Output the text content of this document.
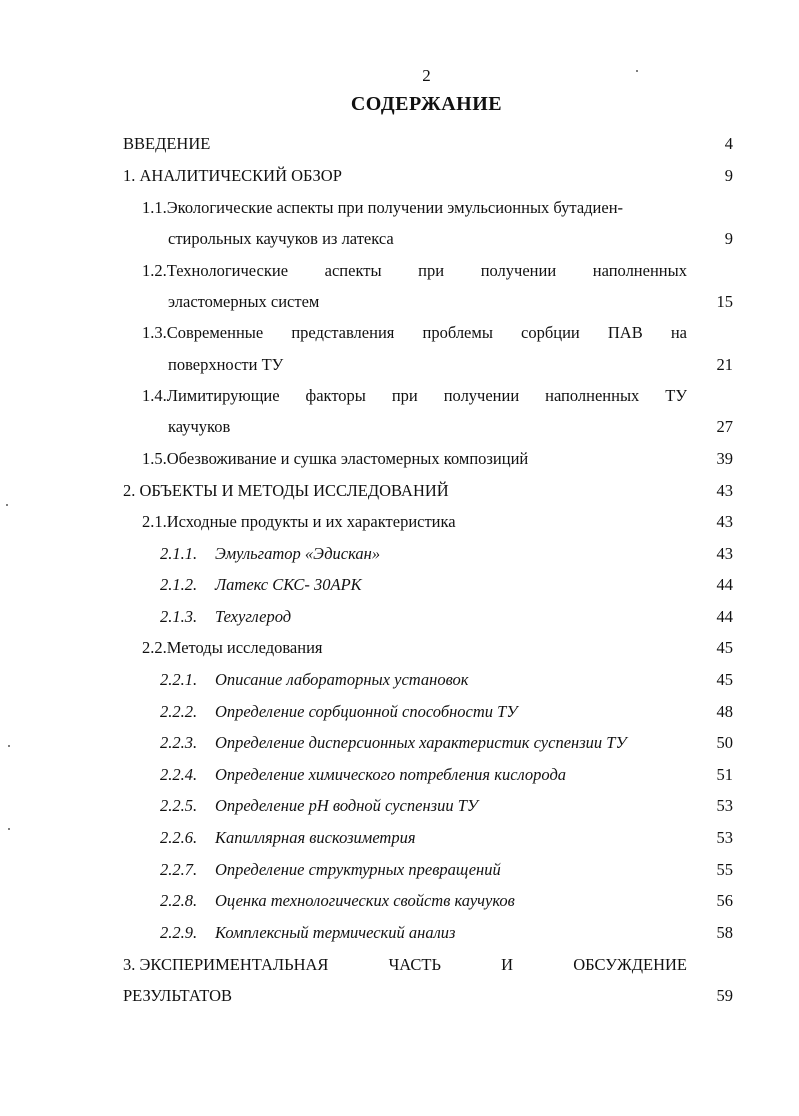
2
СОДЕРЖАНИЕ
ВВЕДЕНИЕ	4
1. АНАЛИТИЧЕСКИЙ ОБЗОР	9
1.1.Экологические аспекты при получении эмульсионных бутадиен-
стирольных каучуков из латекса	9
1.2.Технологические аспекты при получении наполненных
эластомерных систем	15
1.3.Современные представления проблемы сорбции ПАВ на
поверхности ТУ	21
1.4.Лимитирующие факторы при получении наполненных ТУ
каучуков	27
1.5.Обезвоживание и сушка эластомерных композиций	39
2. ОБЪЕКТЫ И МЕТОДЫ ИССЛЕДОВАНИЙ	43
2.1.Исходные продукты и их характеристика	43
2.1.1. Эмульгатор «Эдискан»	43
2.1.2. Латекс СКС- 30АРК	44
2.1.3. Техуглерод	44
2.2.Методы исследования	45
2.2.1. Описание лабораторных установок	45
2.2.2. Определение сорбционной способности ТУ	48
2.2.3. Определение дисперсионных характеристик суспензии ТУ	50
2.2.4. Определение химического потребления кислорода	51
2.2.5. Определение pH водной суспензии ТУ	53
2.2.6. Капиллярная вискозиметрия	53
2.2.7. Определение структурных превращений	55
2.2.8. Оценка технологических свойств каучуков	56
2.2.9. Комплексный термический анализ	58
3. ЭКСПЕРИМЕНТАЛЬНАЯ	ЧАСТЬ	И	ОБСУЖДЕНИЕ
РЕЗУЛЬТАТОВ	59
